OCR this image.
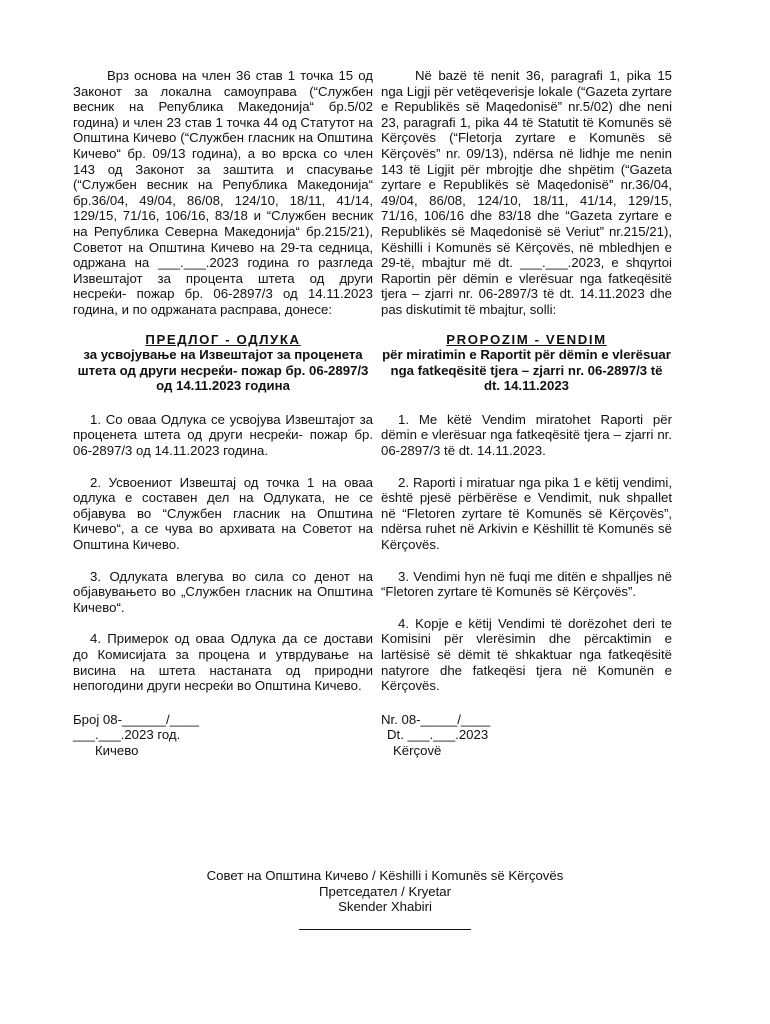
Врз основа на член 36 став 1 точка 15 од Законот за локална самоуправа (“Службен весник на Република Македонија“ бр.5/02 година) и член 23 став 1 точка 44 од Статутот на Општина Кичево (“Службен гласник на Општина Кичево“ бр. 09/13 година), а во врска со член 143 од Законот за заштита и спасување (“Службен весник на Република Македонија“ бр.36/04, 49/04, 86/08, 124/10, 18/11, 41/14, 129/15, 71/16, 106/16, 83/18 и “Службен весник на Република Северна Македонија“ бр.215/21), Советот на Општина Кичево на 29-та седница, одржана на ___.___.2023 година го разгледа Извештајот за процента штета од други несреќи- пожар бр. 06-2897/3 од 14.11.2023 година, и по одржаната расправа, донесе:

ПРЕДЛОГ - ОДЛУКА
за усвојување на Извештајот за проценета штета од други несреќи- пожар бр. 06-2897/3 од 14.11.2023 година

1. Со оваа Одлука се усвојува Извештајот за проценета штета од други несреќи- пожар бр. 06-2897/3 од 14.11.2023 година.

2. Усвоениот Извештај од точка 1 на оваа одлука е составен дел на Одлуката, не се објавува во “Службен гласник на Општина Кичево“, а се чува во архивата на Советот на Општина Кичево.

3. Одлуката влегува во сила со денот на објавувањето во „Службен гласник на Општина Кичево“.

4. Примерок од оваа Одлука да се достави до Комисијата за процена и утврдување на висина на штета настаната од природни непогодини други несреќи во Општина Кичево.

Број 08-______/____

___.___.2023 год.

Кичево

Në bazë të nenit 36, paragrafi 1, pika 15 nga Ligji për vetëqeverisje lokale (“Gazeta zyrtare e Republikës së Maqedonisë” nr.5/02) dhe neni 23, paragrafi 1, pika 44 të Statutit të Komunës së Kërçovës (“Fletorja zyrtare e Komunës së Kërçovës” nr. 09/13), ndërsa në lidhje me nenin 143 të Ligjit për mbrojtje dhe shpëtim (“Gazeta zyrtare e Republikës së Maqedonisë” nr.36/04, 49/04, 86/08, 124/10, 18/11, 41/14, 129/15, 71/16, 106/16 dhe 83/18 dhe “Gazeta zyrtare e Republikës së Maqedonisë së Veriut” nr.215/21), Këshilli i Komunës së Kërçovës, në mbledhjen e 29-të, mbajtur më dt. ___.___.2023, e shqyrtoi Raportin për dëmin e vlerësuar nga fatkeqësitë tjera – zjarri nr. 06-2897/3 të dt. 14.11.2023 dhe pas diskutimit të mbajtur, solli:

PROPOZIM - VENDIM
për miratimin e Raportit për dëmin e vlerësuar nga fatkeqësitë tjera – zjarri nr. 06-2897/3 të dt. 14.11.2023

1. Me këtë Vendim miratohet Raporti për dëmin e vlerësuar nga fatkeqësitë tjera – zjarri nr. 06-2897/3 të dt. 14.11.2023.

2. Raporti i miratuar nga pika 1 e këtij vendimi, është pjesë përbërëse e Vendimit, nuk shpallet në “Fletoren zyrtare të Komunës së Kërçovës”, ndërsa ruhet në Arkivin e Këshillit të Komunës së Kërçovës.

3. Vendimi hyn në fuqi me ditën e shpalljes në “Fletoren zyrtare të Komunës së Kërçovës”.

4. Kopje e këtij Vendimi të dorëzohet deri te Komisini për vlerësimin dhe përcaktimin e lartësisë së dëmit të shkaktuar nga fatkeqësitë natyrore dhe fatkeqësi tjera në Komunën e Kërçovës.

Nr. 08-_____/____

Dt. ___.___.2023

Kërçovë

Совет на Општина Кичево / Këshilli i Komunës së Kërçovës
Претседател / Kryetar
Skender Xhabiri
